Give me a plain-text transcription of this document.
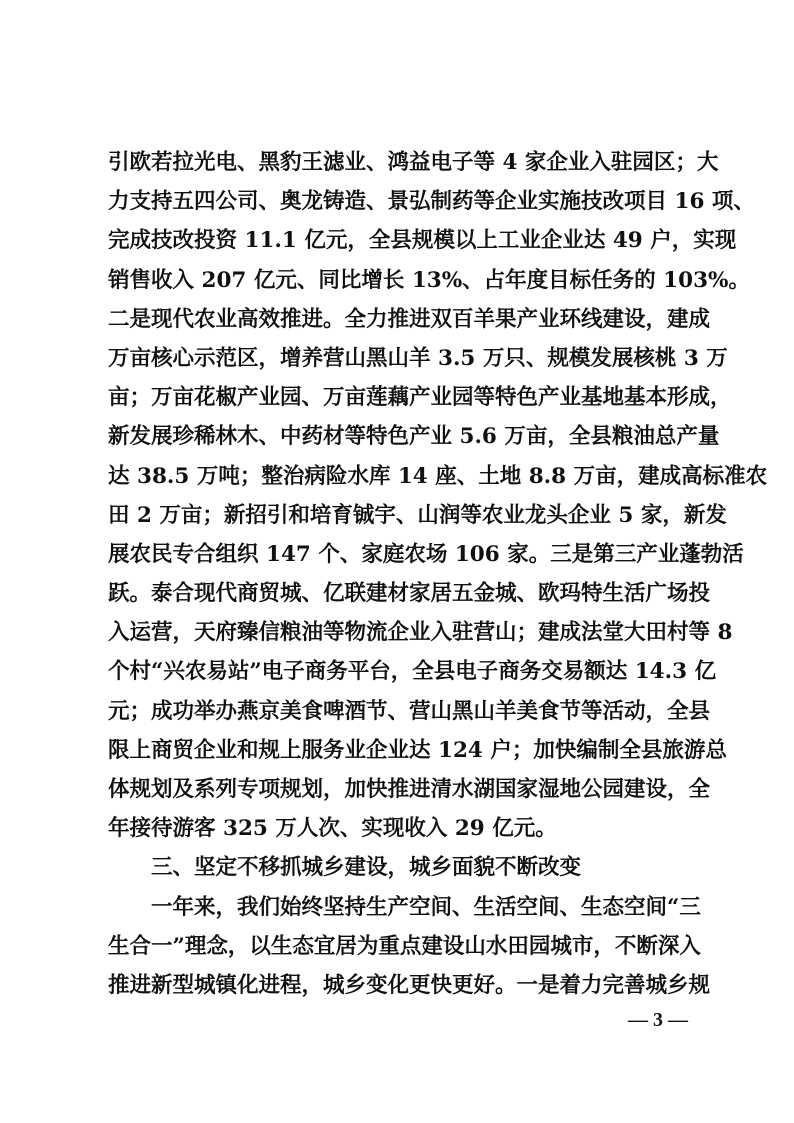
引欧若拉光电、黑豹王滤业、鸿益电子等 4 家企业入驻园区；大
力支持五四公司、奥龙铸造、景弘制药等企业实施技改项目 16 项、
完成技改投资 11.1 亿元，全县规模以上工业企业达 49 户，实现
销售收入 207 亿元、同比增长 13%、占年度目标任务的 103%。
二是现代农业高效推进。全力推进双百羊果产业环线建设，建成
万亩核心示范区，增养营山黑山羊 3.5 万只、规模发展核桃 3 万
亩；万亩花椒产业园、万亩莲藕产业园等特色产业基地基本形成，
新发展珍稀林木、中药材等特色产业 5.6 万亩，全县粮油总产量
达 38.5 万吨；整治病险水库 14 座、土地 8.8 万亩，建成高标准农
田 2 万亩；新招引和培育铖宇、山润等农业龙头企业 5 家，新发
展农民专合组织 147 个、家庭农场 106 家。三是第三产业蓬勃活
跃。泰合现代商贸城、亿联建材家居五金城、欧玛特生活广场投
入运营，天府臻信粮油等物流企业入驻营山；建成法堂大田村等 8
个村“兴农易站”电子商务平台，全县电子商务交易额达 14.3 亿
元；成功举办燕京美食啤酒节、营山黑山羊美食节等活动，全县
限上商贸企业和规上服务业企业达 124 户；加快编制全县旅游总
体规划及系列专项规划，加快推进清水湖国家湿地公园建设，全
年接待游客 325 万人次、实现收入 29 亿元。
三、坚定不移抓城乡建设，城乡面貌不断改变
一年来，我们始终坚持生产空间、生活空间、生态空间“三
生合一”理念，以生态宜居为重点建设山水田园城市，不断深入
推进新型城镇化进程，城乡变化更快更好。一是着力完善城乡规
— 3 —
